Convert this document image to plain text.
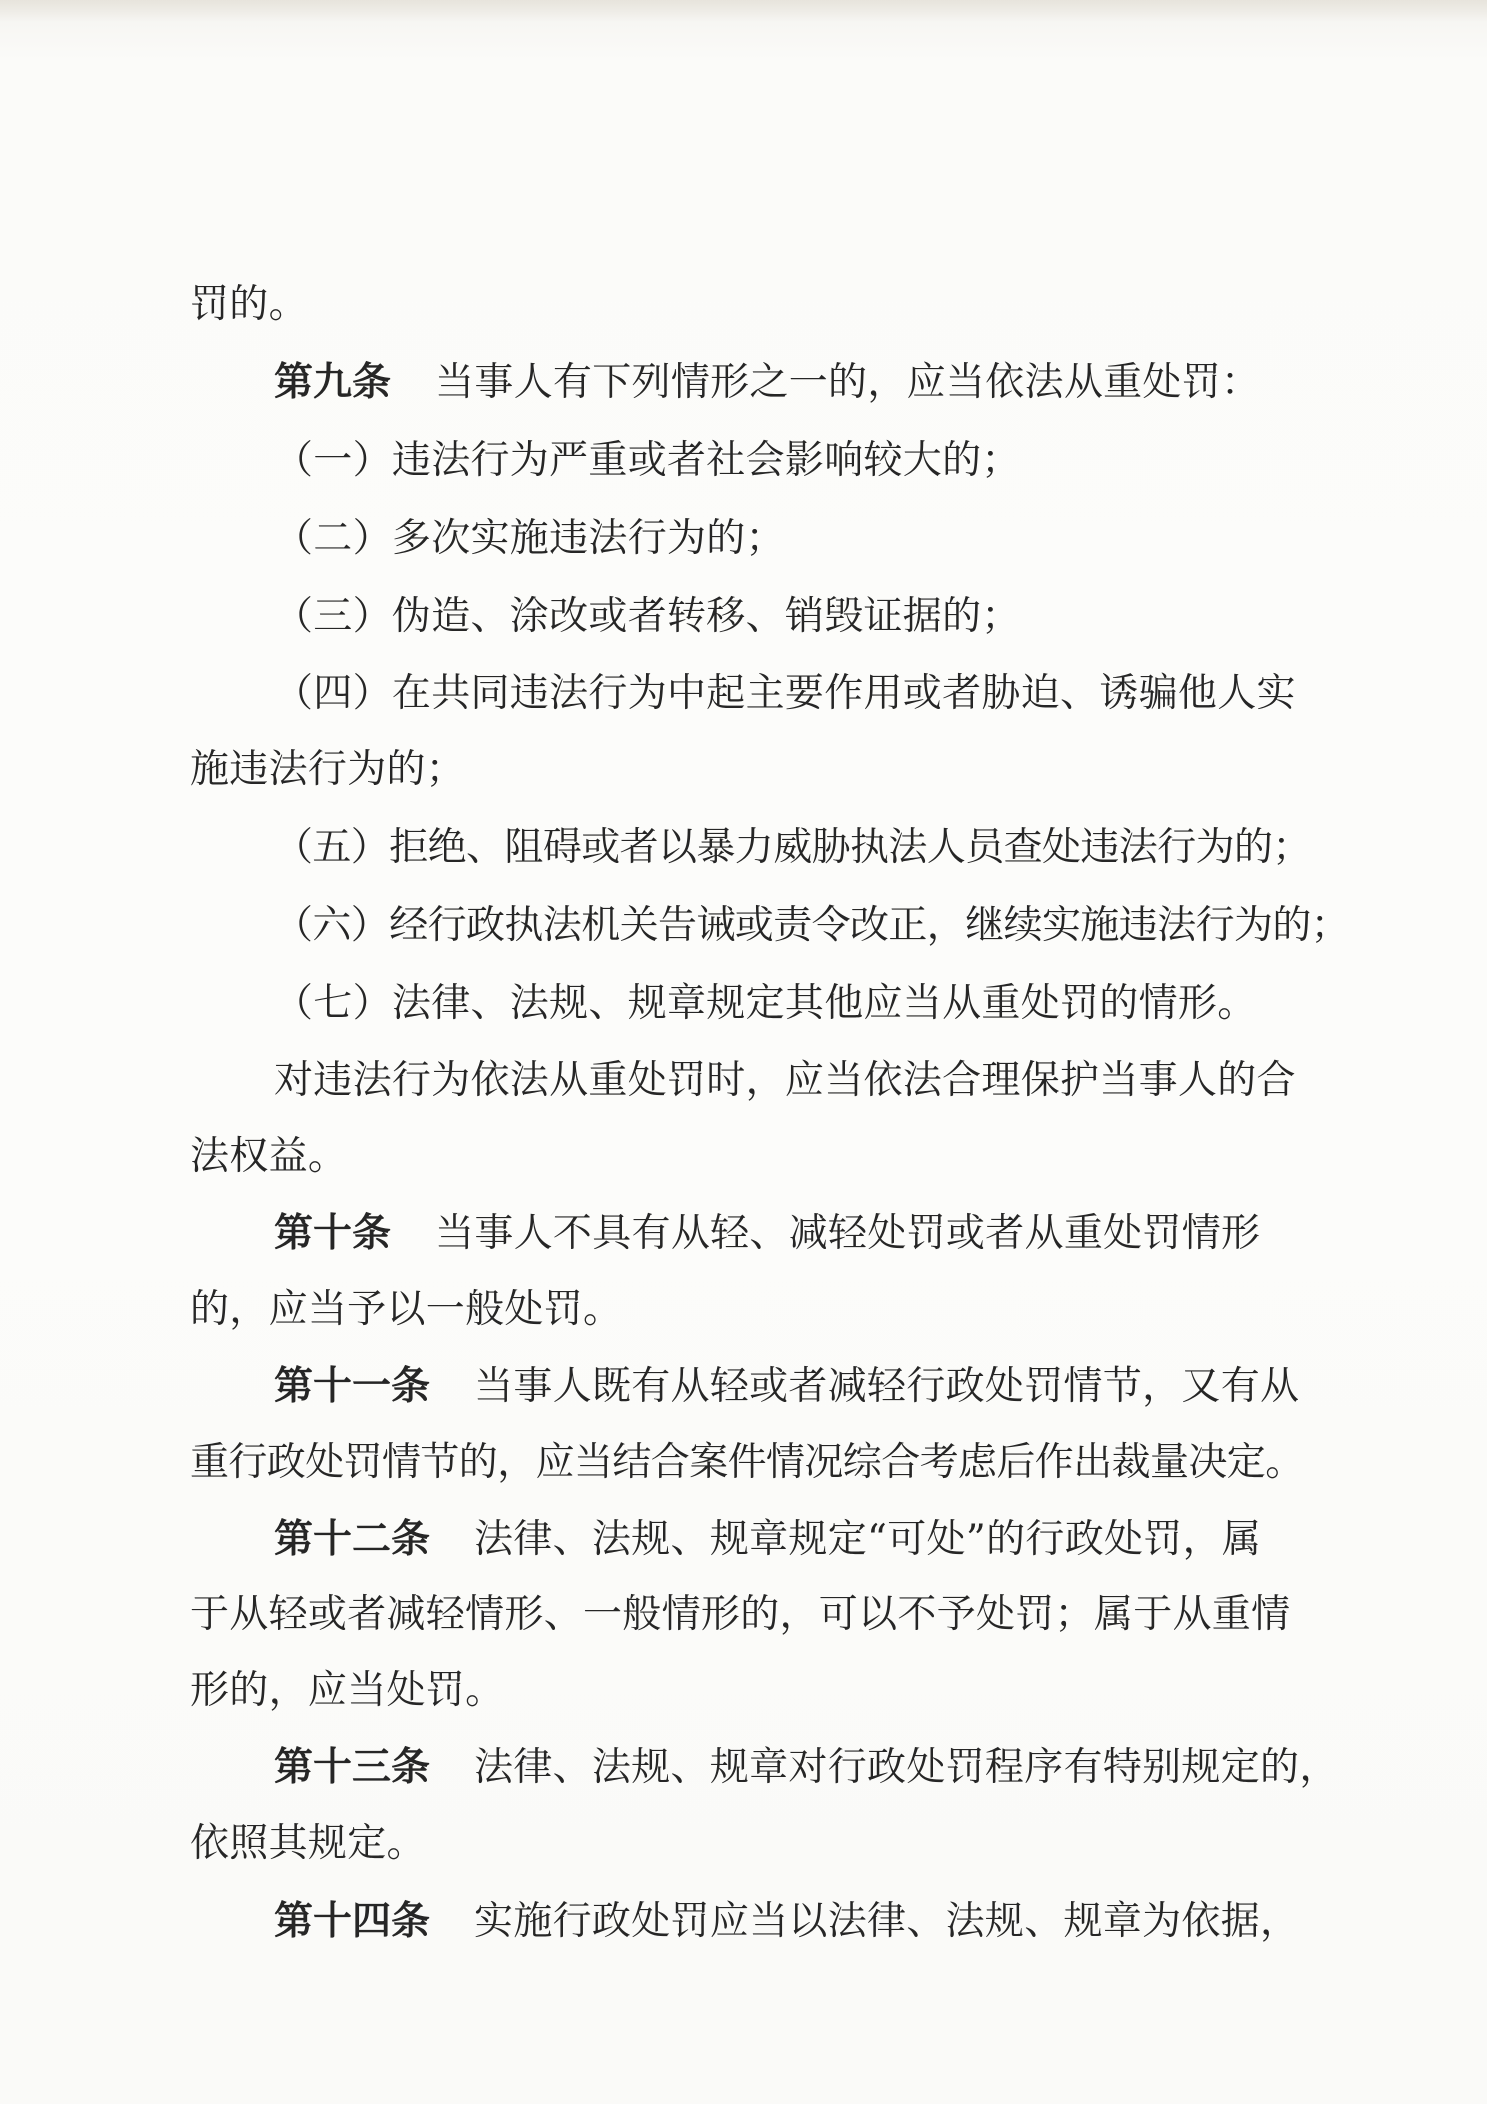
罚的。
第九条 当事人有下列情形之一的，应当依法从重处罚：
（一）违法行为严重或者社会影响较大的；
（二）多次实施违法行为的；
（三）伪造、涂改或者转移、销毁证据的；
（四）在共同违法行为中起主要作用或者胁迫、诱骗他人实
施违法行为的；
（五）拒绝、阻碍或者以暴力威胁执法人员查处违法行为的；
（六）经行政执法机关告诫或责令改正，继续实施违法行为的；
（七）法律、法规、规章规定其他应当从重处罚的情形。
对违法行为依法从重处罚时，应当依法合理保护当事人的合
法权益。
第十条 当事人不具有从轻、减轻处罚或者从重处罚情形
的，应当予以一般处罚。
第十一条 当事人既有从轻或者减轻行政处罚情节，又有从
重行政处罚情节的，应当结合案件情况综合考虑后作出裁量决定。
第十二条 法律、法规、规章规定“可处”的行政处罚，属
于从轻或者减轻情形、一般情形的，可以不予处罚；属于从重情
形的，应当处罚。
第十三条 法律、法规、规章对行政处罚程序有特别规定的，
依照其规定。
第十四条 实施行政处罚应当以法律、法规、规章为依据，
